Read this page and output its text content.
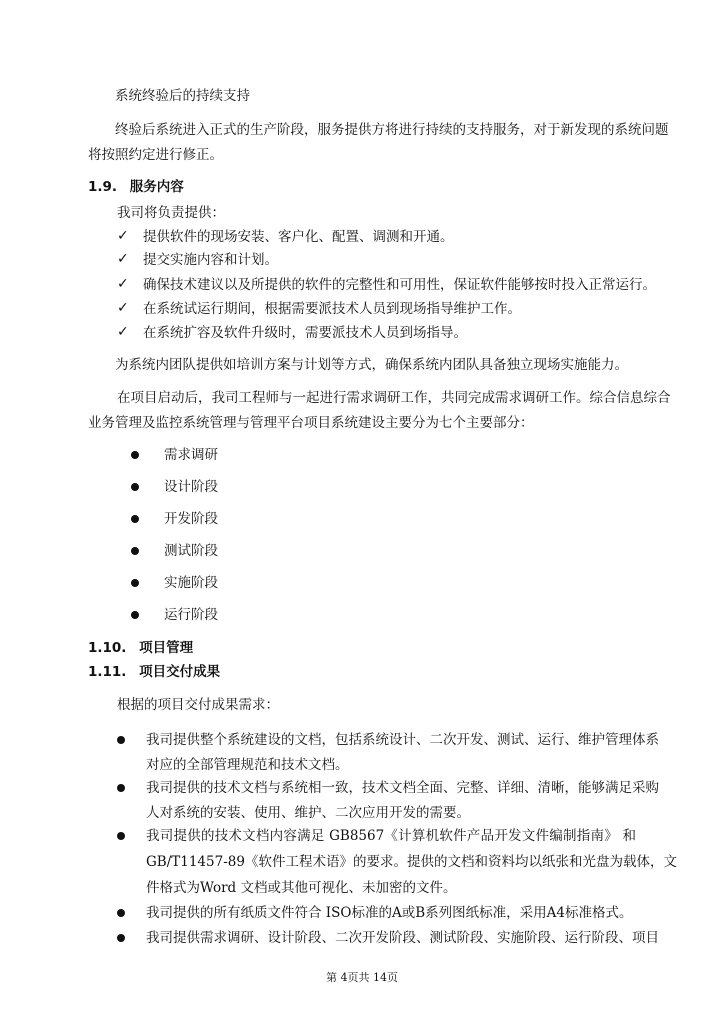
系统终验后的持续支持
终验后系统进入正式的生产阶段，服务提供方将进行持续的支持服务，对于新发现的系统问题
将按照约定进行修正。
1.9. 服务内容
我司将负责提供：
✓ 提供软件的现场安装、客户化、配置、调测和开通。
✓ 提交实施内容和计划。
✓ 确保技术建议以及所提供的软件的完整性和可用性，保证软件能够按时投入正常运行。
✓ 在系统试运行期间，根据需要派技术人员到现场指导维护工作。
✓ 在系统扩容及软件升级时，需要派技术人员到场指导。
为系统内团队提供如培训方案与计划等方式，确保系统内团队具备独立现场实施能力。
在项目启动后，我司工程师与一起进行需求调研工作，共同完成需求调研工作。综合信息综合
业务管理及监控系统管理与管理平台项目系统建设主要分为七个主要部分：
需求调研
设计阶段
开发阶段
测试阶段
实施阶段
运行阶段
1.10. 项目管理
1.11. 项目交付成果
根据的项目交付成果需求：
我司提供整个系统建设的文档，包括系统设计、二次开发、测试、运行、维护管理体系
对应的全部管理规范和技术文档。
我司提供的技术文档与系统相一致，技术文档全面、完整、详细、清晰，能够满足采购
人对系统的安装、使用、维护、二次应用开发的需要。
我司提供的技术文档内容满足 GB8567《计算机软件产品开发文件编制指南》 和
GB/T11457-89《软件工程术语》的要求。提供的文档和资料均以纸张和光盘为载体，文
件格式为Word 文档或其他可视化、未加密的文件。
我司提供的所有纸质文件符合 ISO标准的A或B系列图纸标准，采用A4标准格式。
我司提供需求调研、设计阶段、二次开发阶段、测试阶段、实施阶段、运行阶段、项目
第 4页共 14页
